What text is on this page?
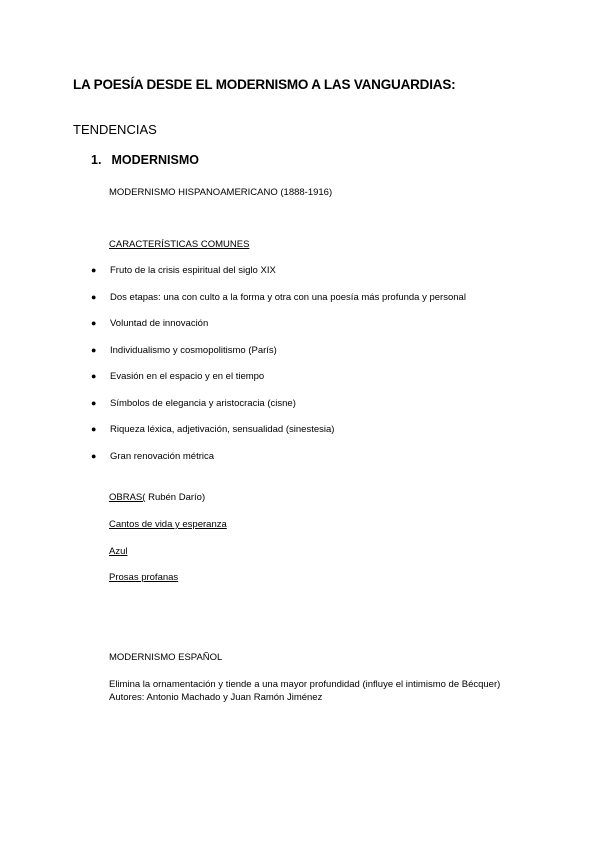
LA POESÍA DESDE EL MODERNISMO A LAS VANGUARDIAS:
TENDENCIAS
1. MODERNISMO
MODERNISMO HISPANOAMERICANO (1888-1916)
CARACTERÍSTICAS COMUNES
● Fruto de la crisis espiritual del siglo XIX
● Dos etapas: una con culto a la forma y otra con una poesía más profunda y personal
● Voluntad de innovación
● Individualismo y cosmopolitismo (París)
● Evasión en el espacio y en el tiempo
● Símbolos de elegancia y aristocracia (cisne)
● Riqueza léxica, adjetivación, sensualidad (sinestesia)
● Gran renovación métrica
OBRAS( Rubén Darío)
Cantos de vida y esperanza
Azul
Prosas profanas
MODERNISMO ESPAÑOL
Elimina la ornamentación y tiende a una mayor profundidad (influye el intimismo de Bécquer)
Autores: Antonio Machado y Juan Ramón Jiménez
